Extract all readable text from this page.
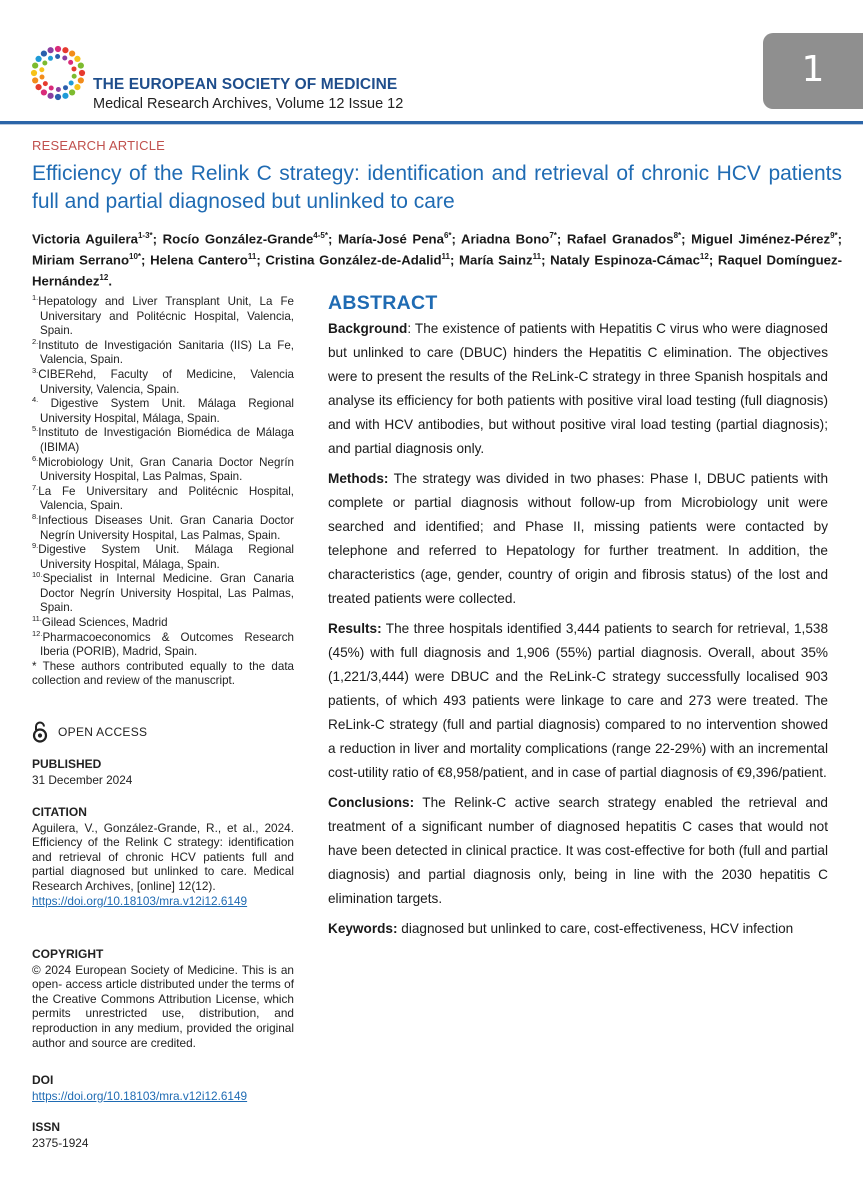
THE EUROPEAN SOCIETY OF MEDICINE
Medical Research Archives, Volume 12 Issue 12
1
RESEARCH ARTICLE
Efficiency of the Relink C strategy: identification and retrieval of chronic HCV patients full and partial diagnosed but unlinked to care
Victoria Aguilera$^{1-3*}$; Rocío González-Grande$^{4-5*}$; María-José Pena$^{6*}$; Ariadna Bono$^{7*}$; Rafael Granados$^{8*}$; Miguel Jiménez-Pérez$^{9*}$; Miriam Serrano$^{10*}$; Helena Cantero$^{11}$; Cristina González-de-Adalid$^{11}$; María Sainz$^{11}$; Nataly Espinoza-Cámac$^{12}$; Raquel Domínguez-Hernández$^{12}$.
$^{1.}$Hepatology and Liver Transplant Unit, La Fe Universitary and Politécnic Hospital, Valencia, Spain.
$^{2.}$Instituto de Investigación Sanitaria (IIS) La Fe, Valencia, Spain.
$^{3.}$CIBERehd, Faculty of Medicine, Valencia University, Valencia, Spain.
$^{4.}$ Digestive System Unit. Málaga Regional University Hospital, Málaga, Spain.
$^{5.}$Instituto de Investigación Biomédica de Málaga (IBIMA)
$^{6.}$Microbiology Unit, Gran Canaria Doctor Negrín University Hospital, Las Palmas, Spain.
$^{7.}$La Fe Universitary and Politécnic Hospital, Valencia, Spain.
$^{8.}$Infectious Diseases Unit. Gran Canaria Doctor Negrín University Hospital, Las Palmas, Spain.
$^{9.}$Digestive System Unit. Málaga Regional University Hospital, Málaga, Spain.
$^{10.}$Specialist in Internal Medicine. Gran Canaria Doctor Negrín University Hospital, Las Palmas, Spain.
$^{11.}$Gilead Sciences, Madrid
$^{12.}$Pharmacoeconomics & Outcomes Research Iberia (PORIB), Madrid, Spain.
* These authors contributed equally to the data collection and review of the manuscript.
OPEN ACCESS
PUBLISHED
31 December 2024
CITATION
Aguilera, V., González-Grande, R., et al., 2024. Efficiency of the Relink C strategy: identification and retrieval of chronic HCV patients full and partial diagnosed but unlinked to care. Medical Research Archives, [online] 12(12).
https://doi.org/10.18103/mra.v12i12.6149
COPYRIGHT
© 2024 European Society of Medicine. This is an open- access article distributed under the terms of the Creative Commons Attribution License, which permits unrestricted use, distribution, and reproduction in any medium, provided the original author and source are credited.
DOI
https://doi.org/10.18103/mra.v12i12.6149
ISSN
2375-1924
ABSTRACT
Background: The existence of patients with Hepatitis C virus who were diagnosed but unlinked to care (DBUC) hinders the Hepatitis C elimination. The objectives were to present the results of the ReLink-C strategy in three Spanish hospitals and analyse its efficiency for both patients with positive viral load testing (full diagnosis) and with HCV antibodies, but without positive viral load testing (partial diagnosis); and partial diagnosis only.
Methods: The strategy was divided in two phases: Phase I, DBUC patients with complete or partial diagnosis without follow-up from Microbiology unit were searched and identified; and Phase II, missing patients were contacted by telephone and referred to Hepatology for further treatment. In addition, the characteristics (age, gender, country of origin and fibrosis status) of the lost and treated patients were collected.
Results: The three hospitals identified 3,444 patients to search for retrieval, 1,538 (45%) with full diagnosis and 1,906 (55%) partial diagnosis. Overall, about 35% (1,221/3,444) were DBUC and the ReLink-C strategy successfully localised 903 patients, of which 493 patients were linkage to care and 273 were treated. The ReLink-C strategy (full and partial diagnosis) compared to no intervention showed a reduction in liver and mortality complications (range 22-29%) with an incremental cost-utility ratio of €8,958/patient, and in case of partial diagnosis of €9,396/patient.
Conclusions: The Relink-C active search strategy enabled the retrieval and treatment of a significant number of diagnosed hepatitis C cases that would not have been detected in clinical practice. It was cost-effective for both (full and partial diagnosis) and partial diagnosis only, being in line with the 2030 hepatitis C elimination targets.
Keywords: diagnosed but unlinked to care, cost-effectiveness, HCV infection
